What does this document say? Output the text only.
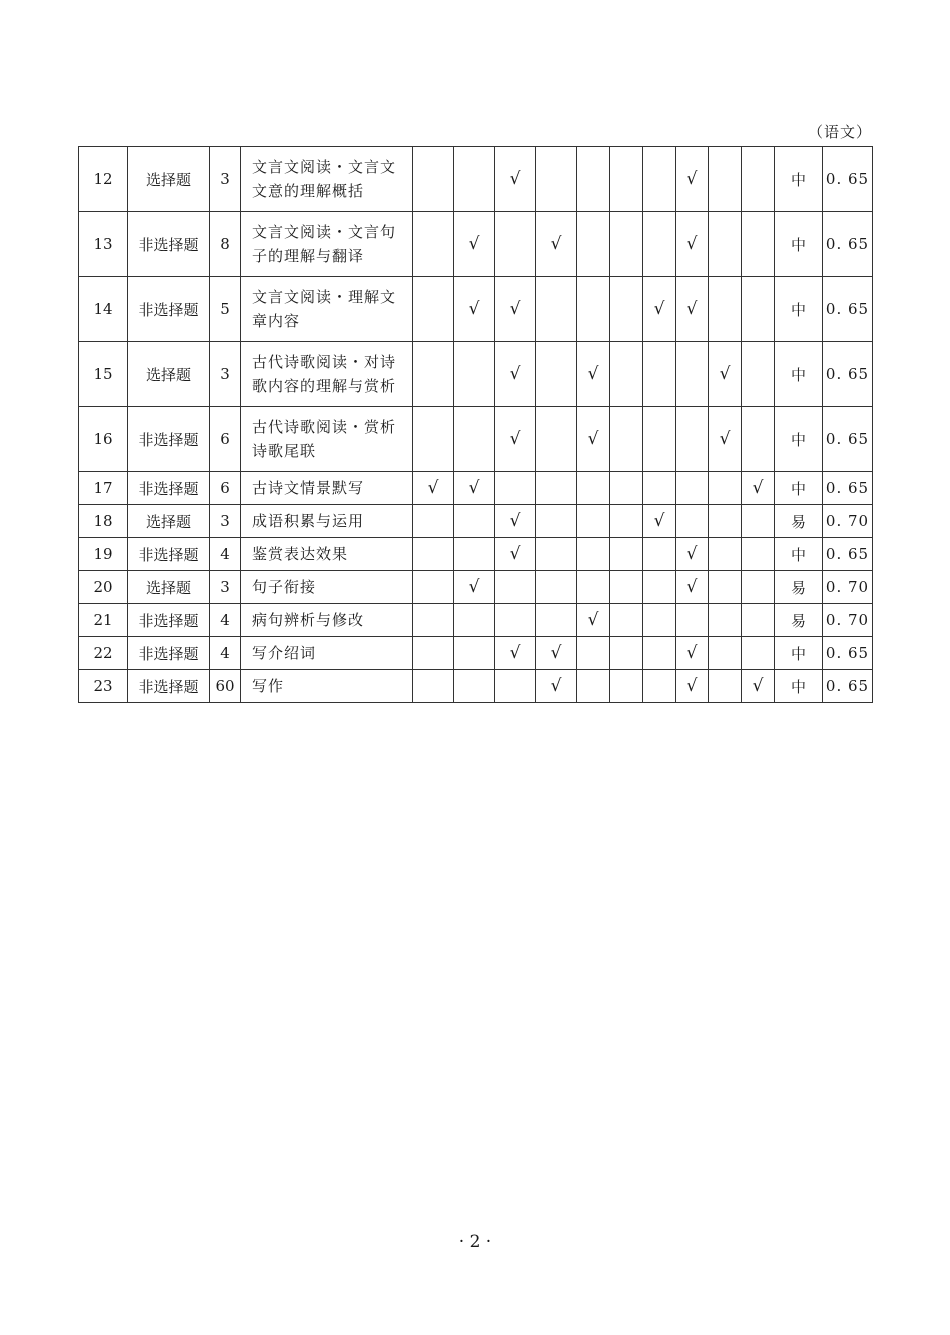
（语文）
12	选择题	3	文言文阅读・文言文文意的理解概括			√					√			中	0. 65
13	非选择题	8	文言文阅读・文言句子的理解与翻译		√		√				√			中	0. 65
14	非选择题	5	文言文阅读・理解文章内容		√	√				√	√			中	0. 65
15	选择题	3	古代诗歌阅读・对诗歌内容的理解与赏析			√		√				√		中	0. 65
16	非选择题	6	古代诗歌阅读・赏析诗歌尾联			√		√				√		中	0. 65
17	非选择题	6	古诗文情景默写	√	√								√	中	0. 65
18	选择题	3	成语积累与运用			√				√				易	0. 70
19	非选择题	4	鉴赏表达效果			√					√			中	0. 65
20	选择题	3	句子衔接		√						√			易	0. 70
21	非选择题	4	病句辨析与修改					√						易	0. 70
22	非选择题	4	写介绍词			√	√				√			中	0. 65
23	非选择题	60	写作				√				√		√	中	0. 65
· 2 ·
